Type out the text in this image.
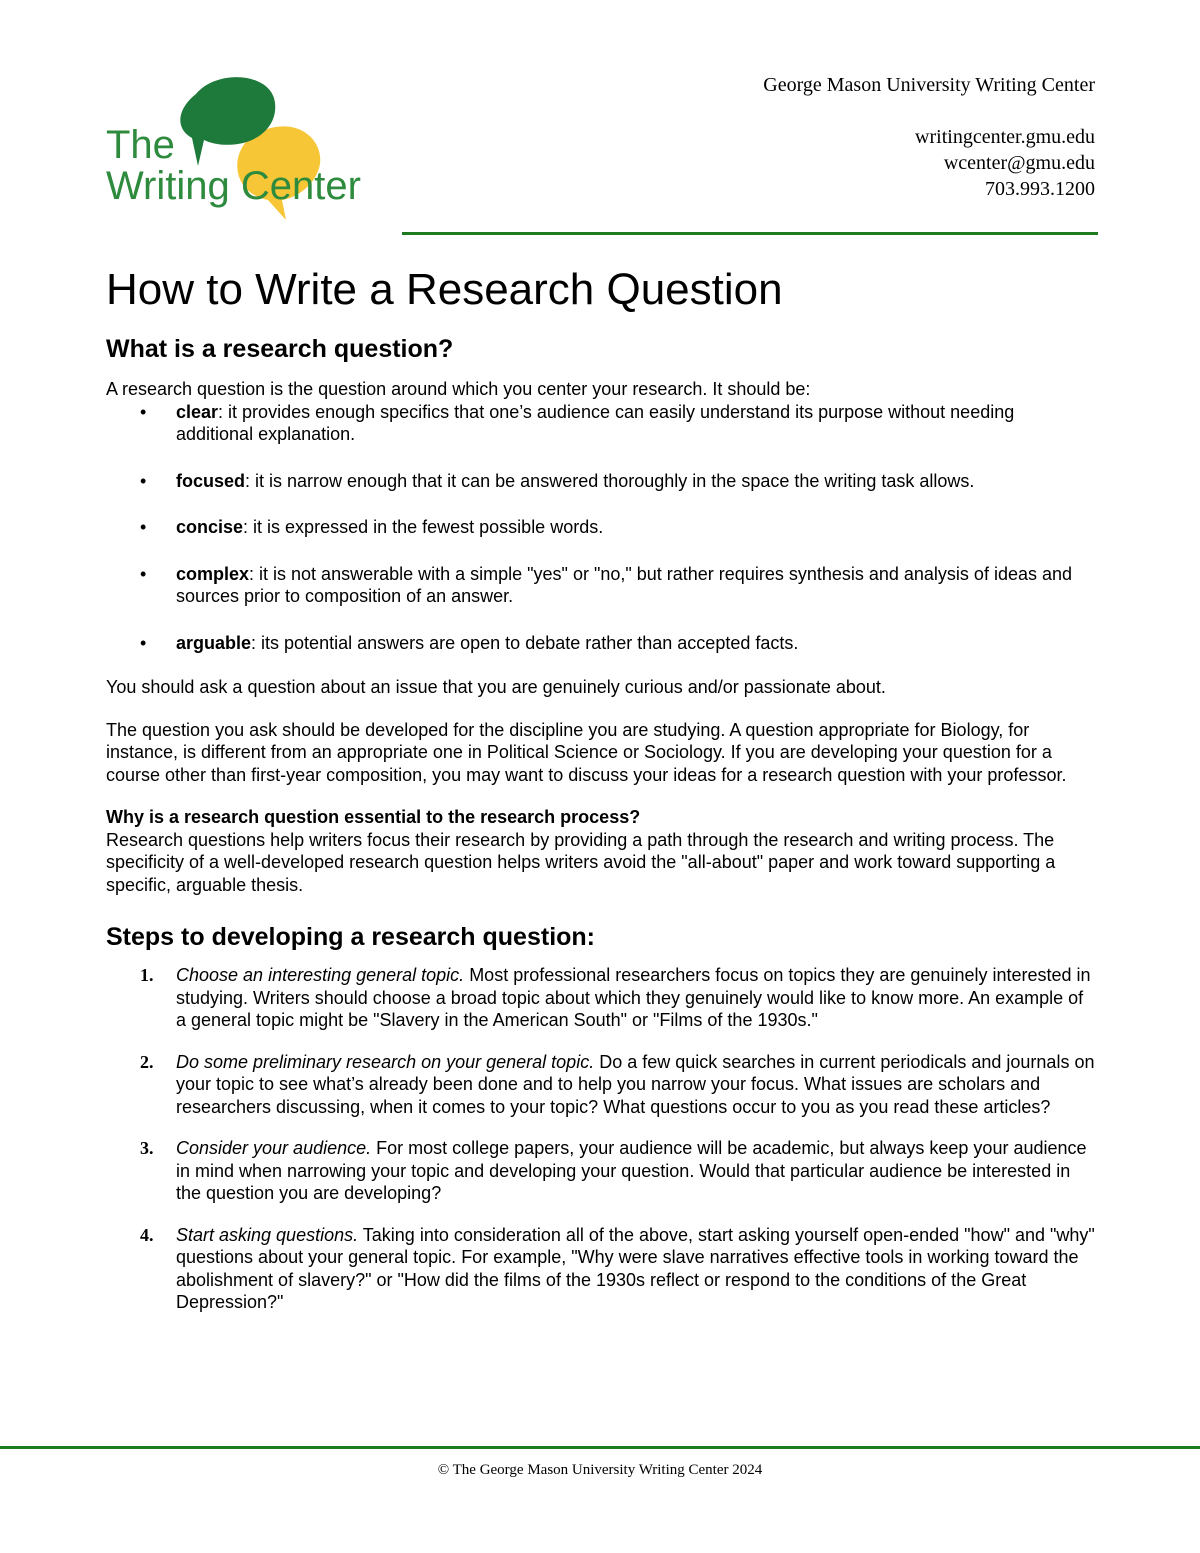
The
Writing Center
George Mason University Writing Center
writingcenter.gmu.edu
wcenter@gmu.edu
703.993.1200
How to Write a Research Question
What is a research question?

A research question is the question around which you center your research. It should be:

• clear: it provides enough specifics that one’s audience can easily understand its purpose without needing additional explanation.
• focused: it is narrow enough that it can be answered thoroughly in the space the writing task allows.
• concise: it is expressed in the fewest possible words.
• complex: it is not answerable with a simple "yes" or "no," but rather requires synthesis and analysis of ideas and sources prior to composition of an answer.
• arguable: its potential answers are open to debate rather than accepted facts.

You should ask a question about an issue that you are genuinely curious and/or passionate about.

The question you ask should be developed for the discipline you are studying. A question appropriate for Biology, for instance, is different from an appropriate one in Political Science or Sociology. If you are developing your question for a course other than first-year composition, you may want to discuss your ideas for a research question with your professor.

Why is a research question essential to the research process?

Research questions help writers focus their research by providing a path through the research and writing process. The specificity of a well-developed research question helps writers avoid the "all-about" paper and work toward supporting a specific, arguable thesis.

Steps to developing a research question:
1. Choose an interesting general topic. Most professional researchers focus on topics they are genuinely interested in studying. Writers should choose a broad topic about which they genuinely would like to know more. An example of a general topic might be "Slavery in the American South" or "Films of the 1930s."
2. Do some preliminary research on your general topic. Do a few quick searches in current periodicals and journals on your topic to see what’s already been done and to help you narrow your focus. What issues are scholars and researchers discussing, when it comes to your topic? What questions occur to you as you read these articles?
3. Consider your audience. For most college papers, your audience will be academic, but always keep your audience in mind when narrowing your topic and developing your question. Would that particular audience be interested in the question you are developing?
4. Start asking questions. Taking into consideration all of the above, start asking yourself open-ended "how" and "why" questions about your general topic. For example, "Why were slave narratives effective tools in working toward the abolishment of slavery?" or "How did the films of the 1930s reflect or respond to the conditions of the Great Depression?"
© The George Mason University Writing Center 2024
